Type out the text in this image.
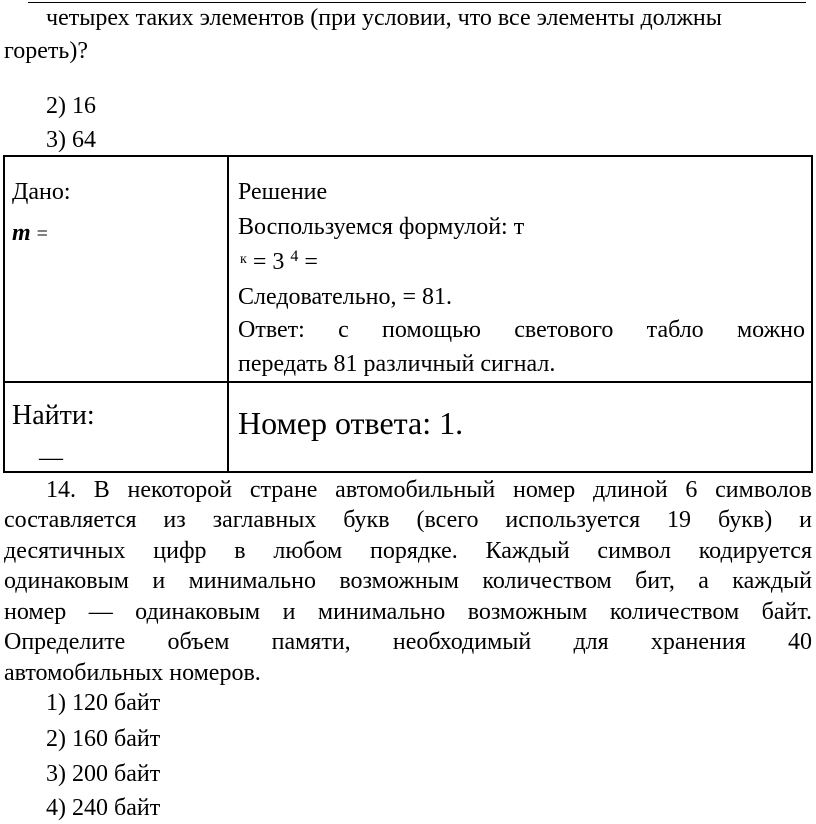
четырех таких элементов (при условии, что все элементы должны
гореть)?
2) 16
3) 64
Дано:
m =
Решение
Воспользуемся формулой: т
$^к$ = 3 $^4$ =
Следовательно, = 81.
Ответ: с помощью светового табло можно
передать 81 различный сигнал.
Найти:
—
Номер ответа: 1.
14. В некоторой стране автомобильный номер длиной 6 символов
составляется из заглавных букв (всего используется 19 букв) и
десятичных цифр в любом порядке. Каждый символ кодируется
одинаковым и минимально возможным количеством бит, а каждый
номер — одинаковым и минимально возможным количеством байт.
Определите объем памяти, необходимый для хранения 40
автомобильных номеров.
1) 120 байт
2) 160 байт
3) 200 байт
4) 240 байт
